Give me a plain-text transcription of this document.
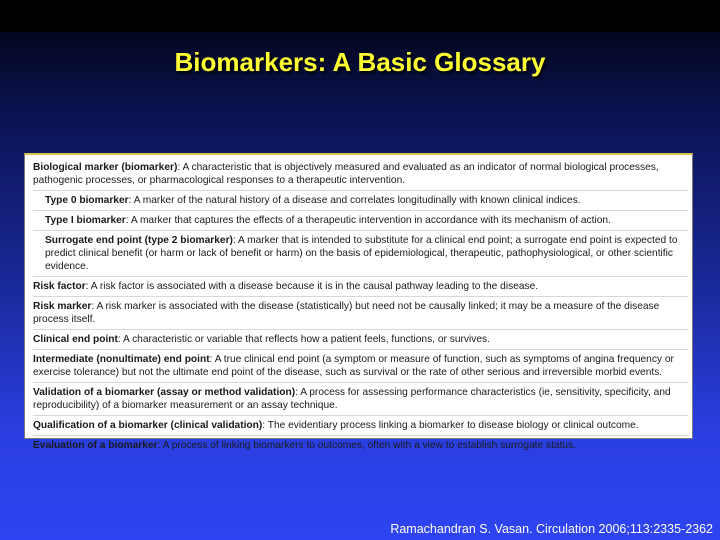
Biomarkers: A Basic Glossary
Biological marker (biomarker): A characteristic that is objectively measured and evaluated as an indicator of normal biological processes, pathogenic processes, or pharmacological responses to a therapeutic intervention.
Type 0 biomarker: A marker of the natural history of a disease and correlates longitudinally with known clinical indices.
Type I biomarker: A marker that captures the effects of a therapeutic intervention in accordance with its mechanism of action.
Surrogate end point (type 2 biomarker): A marker that is intended to substitute for a clinical end point; a surrogate end point is expected to predict clinical benefit (or harm or lack of benefit or harm) on the basis of epidemiological, therapeutic, pathophysiological, or other scientific evidence.
Risk factor: A risk factor is associated with a disease because it is in the causal pathway leading to the disease.
Risk marker: A risk marker is associated with the disease (statistically) but need not be causally linked; it may be a measure of the disease process itself.
Clinical end point: A characteristic or variable that reflects how a patient feels, functions, or survives.
Intermediate (nonultimate) end point: A true clinical end point (a symptom or measure of function, such as symptoms of angina frequency or exercise tolerance) but not the ultimate end point of the disease, such as survival or the rate of other serious and irreversible morbid events.
Validation of a biomarker (assay or method validation): A process for assessing performance characteristics (ie, sensitivity, specificity, and reproducibility) of a biomarker measurement or an assay technique.
Qualification of a biomarker (clinical validation): The evidentiary process linking a biomarker to disease biology or clinical outcome.
Evaluation of a biomarker: A process of linking biomarkers to outcomes, often with a view to establish surrogate status.
Ramachandran S. Vasan. Circulation 2006;113:2335-2362
